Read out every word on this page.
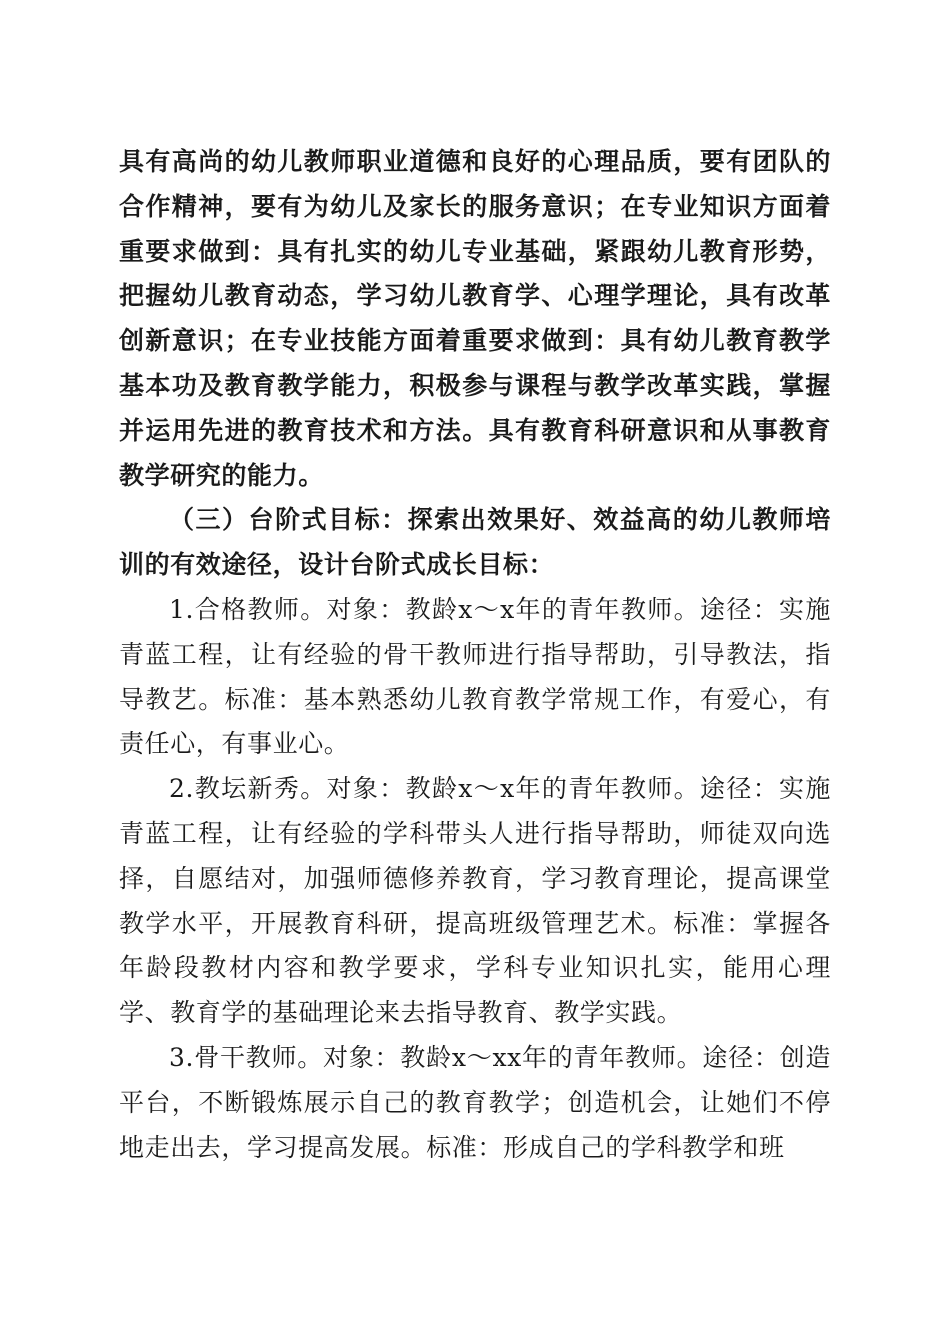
具有高尚的幼儿教师职业道德和良好的心理品质，要有团队的合作精神，要有为幼儿及家长的服务意识；在专业知识方面着重要求做到：具有扎实的幼儿专业基础，紧跟幼儿教育形势，把握幼儿教育动态，学习幼儿教育学、心理学理论，具有改革创新意识；在专业技能方面着重要求做到：具有幼儿教育教学基本功及教育教学能力，积极参与课程与教学改革实践，掌握并运用先进的教育技术和方法。具有教育科研意识和从事教育教学研究的能力。

（三）台阶式目标：探索出效果好、效益高的幼儿教师培训的有效途径，设计台阶式成长目标：

1.合格教师。对象：教龄x～x年的青年教师。途径：实施青蓝工程，让有经验的骨干教师进行指导帮助，引导教法，指导教艺。标准：基本熟悉幼儿教育教学常规工作，有爱心，有责任心，有事业心。

2.教坛新秀。对象：教龄x～x年的青年教师。途径：实施青蓝工程，让有经验的学科带头人进行指导帮助，师徒双向选择，自愿结对，加强师德修养教育，学习教育理论，提高课堂教学水平，开展教育科研，提高班级管理艺术。标准：掌握各年龄段教材内容和教学要求，学科专业知识扎实，能用心理学、教育学的基础理论来去指导教育、教学实践。

3.骨干教师。对象：教龄x～xx年的青年教师。途径：创造平台，不断锻炼展示自己的教育教学；创造机会，让她们不停地走出去，学习提高发展。标准：形成自己的学科教学和班
